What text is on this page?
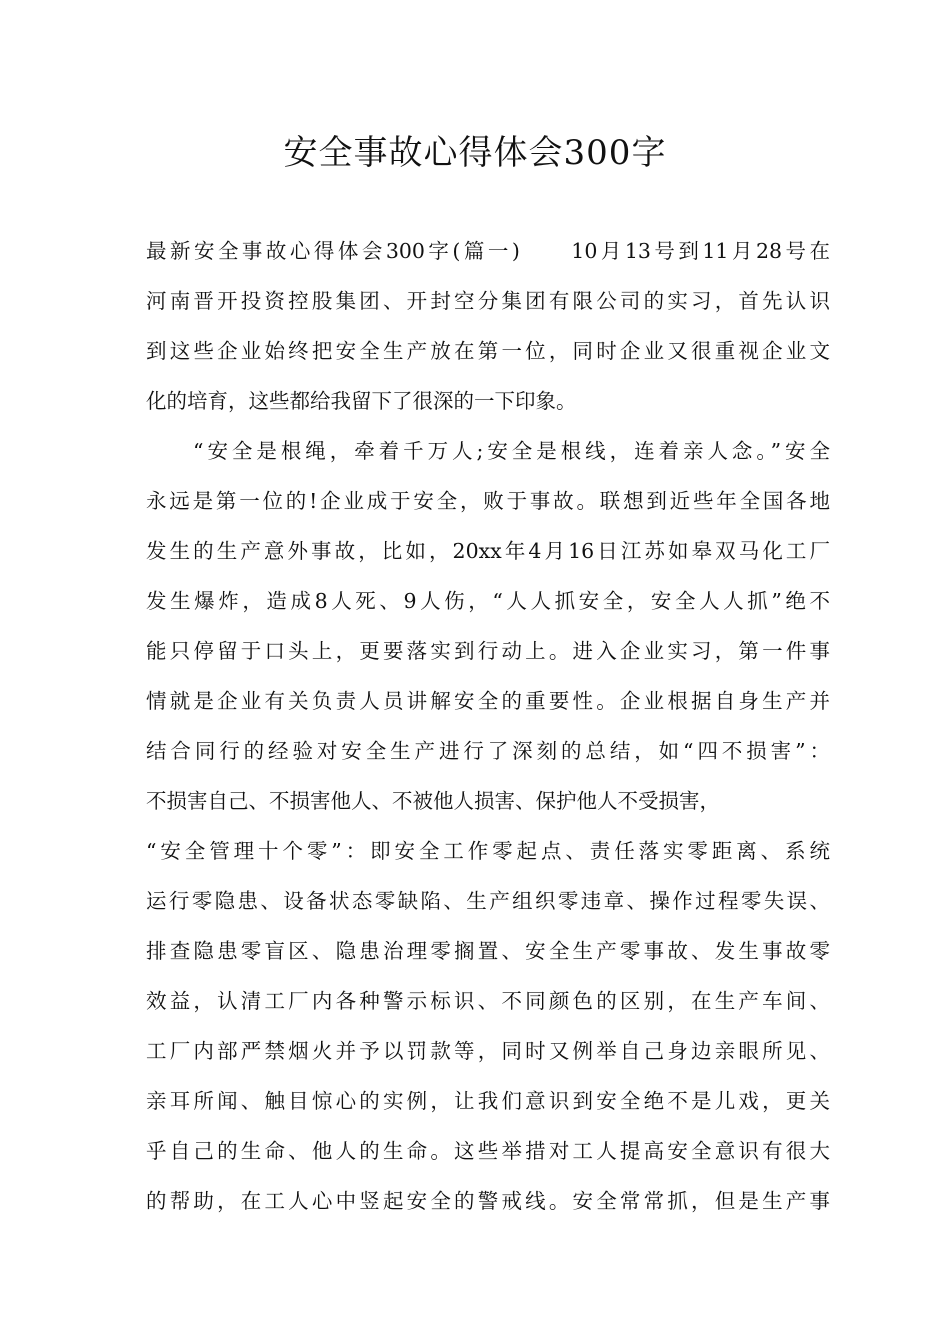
安全事故心得体会300字
最新安全事故心得体会300字(篇一)　　10月13号到11月28号在
河南晋开投资控股集团、开封空分集团有限公司的实习，首先认识
到这些企业始终把安全生产放在第一位，同时企业又很重视企业文
化的培育，这些都给我留下了很深的一下印象。
“安全是根绳，牵着千万人;安全是根线，连着亲人念。”安全
永远是第一位的!企业成于安全，败于事故。联想到近些年全国各地
发生的生产意外事故，比如，20xx年4月16日江苏如皋双马化工厂
发生爆炸，造成8人死、9人伤，“人人抓安全，安全人人抓”绝不
能只停留于口头上，更要落实到行动上。进入企业实习，第一件事
情就是企业有关负责人员讲解安全的重要性。企业根据自身生产并
结合同行的经验对安全生产进行了深刻的总结，如“四不损害”：
不损害自己、不损害他人、不被他人损害、保护他人不受损害，
“安全管理十个零”：即安全工作零起点、责任落实零距离、系统
运行零隐患、设备状态零缺陷、生产组织零违章、操作过程零失误、
排查隐患零盲区、隐患治理零搁置、安全生产零事故、发生事故零
效益，认清工厂内各种警示标识、不同颜色的区别，在生产车间、
工厂内部严禁烟火并予以罚款等，同时又例举自己身边亲眼所见、
亲耳所闻、触目惊心的实例，让我们意识到安全绝不是儿戏，更关
乎自己的生命、他人的生命。这些举措对工人提高安全意识有很大
的帮助，在工人心中竖起安全的警戒线。安全常常抓，但是生产事
